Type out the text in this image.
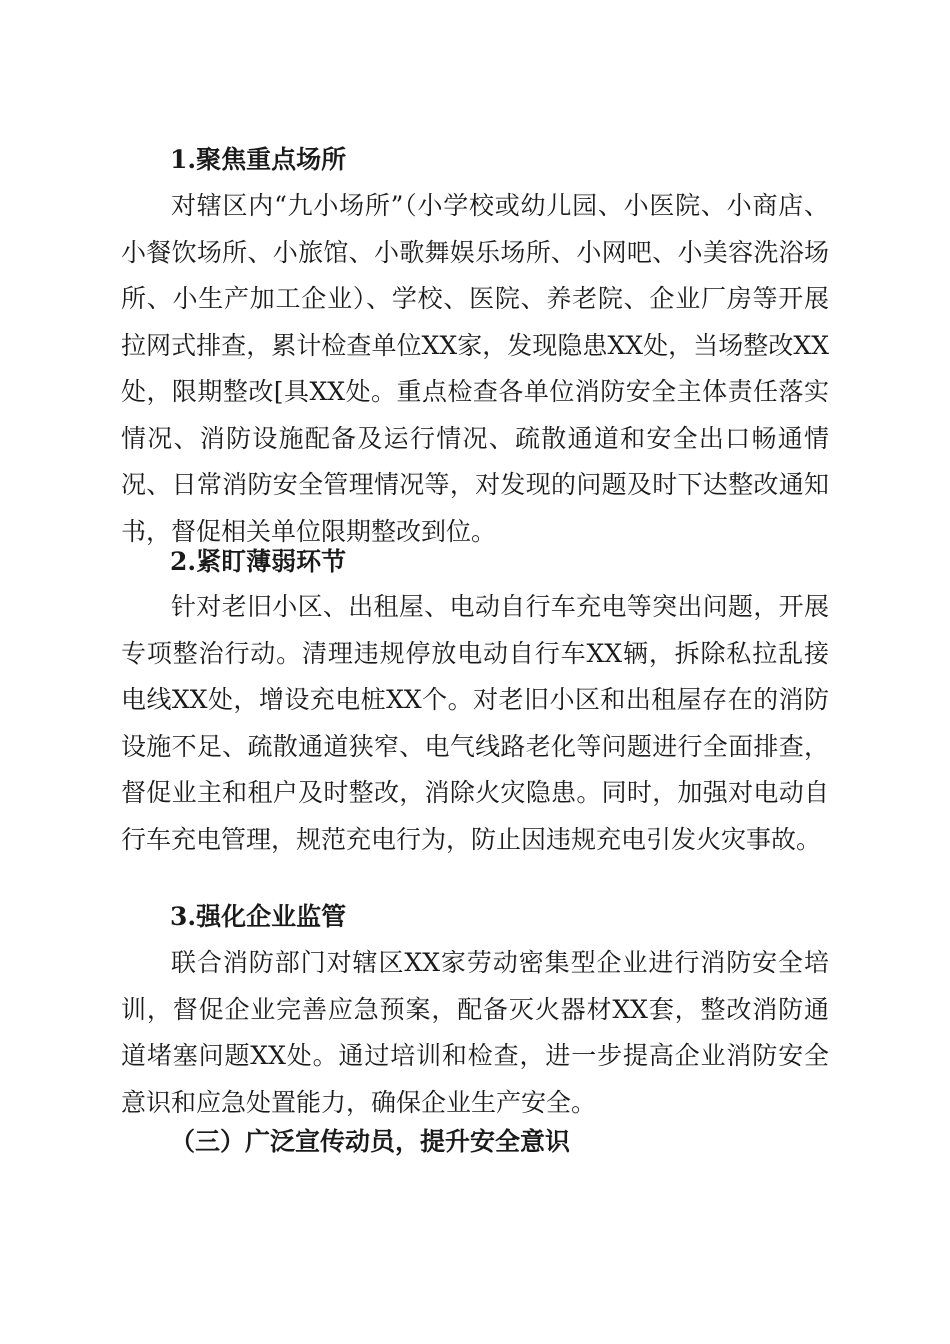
1.聚焦重点场所

对辖区内“九小场所”（小学校或幼儿园、小医院、小商店、小餐饮场所、小旅馆、小歌舞娱乐场所、小网吧、小美容洗浴场所、小生产加工企业）、学校、医院、养老院、企业厂房等开展拉网式排查，累计检查单位XX家，发现隐患XX处，当场整改XX处，限期整改[具XX处。重点检查各单位消防安全主体责任落实情况、消防设施配备及运行情况、疏散通道和安全出口畅通情况、日常消防安全管理情况等，对发现的问题及时下达整改通知书，督促相关单位限期整改到位。

2.紧盯薄弱环节

针对老旧小区、出租屋、电动自行车充电等突出问题，开展专项整治行动。清理违规停放电动自行车XX辆，拆除私拉乱接电线XX处，增设充电桩XX个。对老旧小区和出租屋存在的消防设施不足、疏散通道狭窄、电气线路老化等问题进行全面排查，督促业主和租户及时整改，消除火灾隐患。同时，加强对电动自行车充电管理，规范充电行为，防止因违规充电引发火灾事故。

3.强化企业监管

联合消防部门对辖区XX家劳动密集型企业进行消防安全培训，督促企业完善应急预案，配备灭火器材XX套，整改消防通道堵塞问题XX处。通过培训和检查，进一步提高企业消防安全意识和应急处置能力，确保企业生产安全。

（三）广泛宣传动员，提升安全意识
